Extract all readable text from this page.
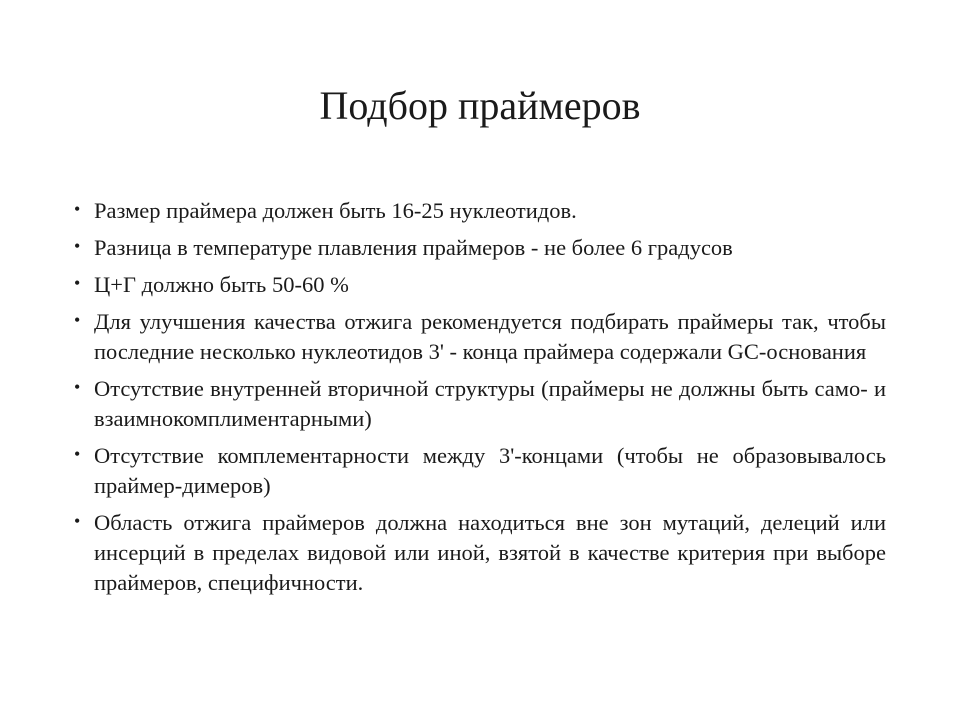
Подбор праймеров
• Размер праймера должен быть 16-25 нуклеотидов.
• Разница в температуре плавления праймеров - не более 6 градусов
• Ц+Г должно быть 50-60 %
• Для улучшения качества отжига рекомендуется подбирать праймеры так, чтобы последние несколько нуклеотидов 3' - конца праймера содержали GC-основания
• Отсутствие внутренней вторичной структуры (праймеры не должны быть само- и взаимнокомплиментарными)
• Отсутствие комплементарности между 3'-концами (чтобы не образовывалось праймер-димеров)
• Область отжига праймеров должна находиться вне зон мутаций, делеций или инсерций в пределах видовой или иной, взятой в качестве критерия при выборе праймеров, специфичности.
